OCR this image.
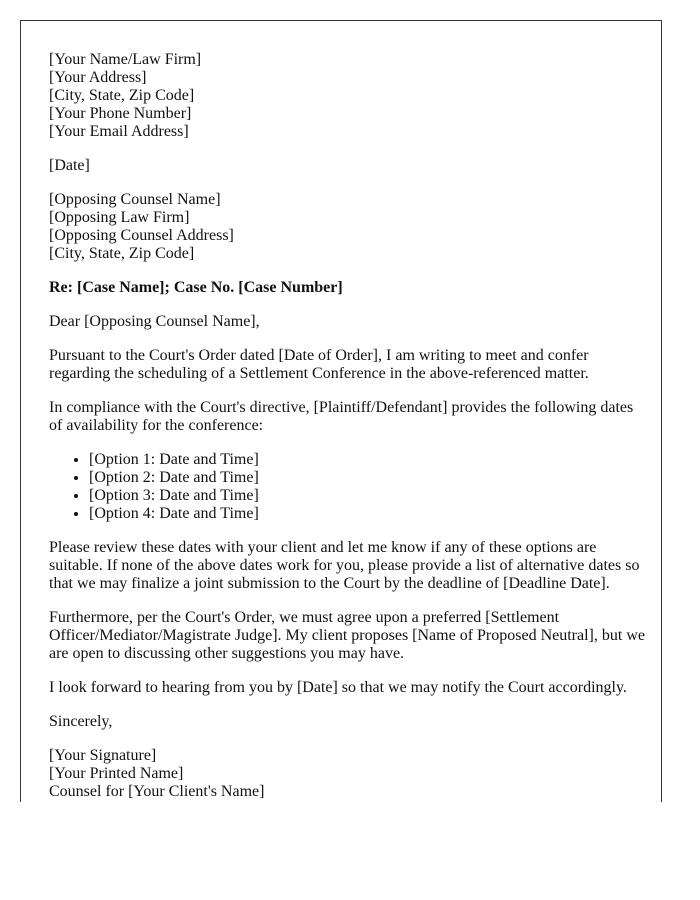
[Your Name/Law Firm]
[Your Address]
[City, State, Zip Code]
[Your Phone Number]
[Your Email Address]

[Date]

[Opposing Counsel Name]
[Opposing Law Firm]
[Opposing Counsel Address]
[City, State, Zip Code]

Re: [Case Name]; Case No. [Case Number]

Dear [Opposing Counsel Name],

Pursuant to the Court's Order dated [Date of Order], I am writing to meet and confer regarding the scheduling of a Settlement Conference in the above-referenced matter.

In compliance with the Court's directive, [Plaintiff/Defendant] provides the following dates of availability for the conference:

• [Option 1: Date and Time]
• [Option 2: Date and Time]
• [Option 3: Date and Time]
• [Option 4: Date and Time]

Please review these dates with your client and let me know if any of these options are suitable. If none of the above dates work for you, please provide a list of alternative dates so that we may finalize a joint submission to the Court by the deadline of [Deadline Date].

Furthermore, per the Court's Order, we must agree upon a preferred [Settlement Officer/Mediator/Magistrate Judge]. My client proposes [Name of Proposed Neutral], but we are open to discussing other suggestions you may have.

I look forward to hearing from you by [Date] so that we may notify the Court accordingly.

Sincerely,

[Your Signature]
[Your Printed Name]
Counsel for [Your Client's Name]
